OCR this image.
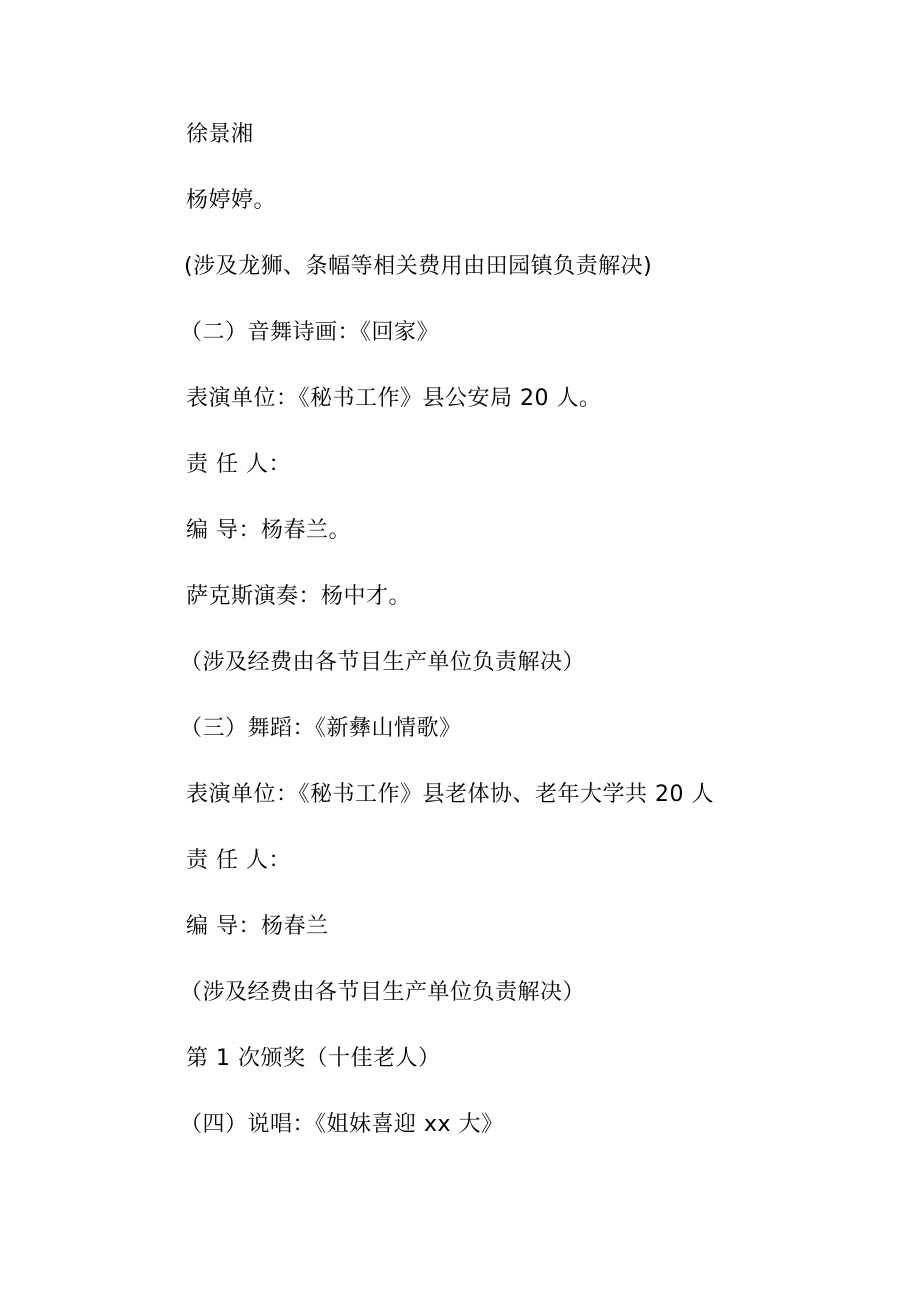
徐景湘
杨婷婷。
(涉及龙狮、条幅等相关费用由田园镇负责解决)
（二）音舞诗画：《回家》
表演单位：《秘书工作》县公安局 20 人。
责 任 人：
编 导：杨春兰。
萨克斯演奏：杨中才。
（涉及经费由各节目生产单位负责解决）
（三）舞蹈：《新彝山情歌》
表演单位：《秘书工作》县老体协、老年大学共 20 人
责 任 人：
编 导：杨春兰
（涉及经费由各节目生产单位负责解决）
第 1 次颁奖（十佳老人）
（四）说唱：《姐妹喜迎 xx 大》
